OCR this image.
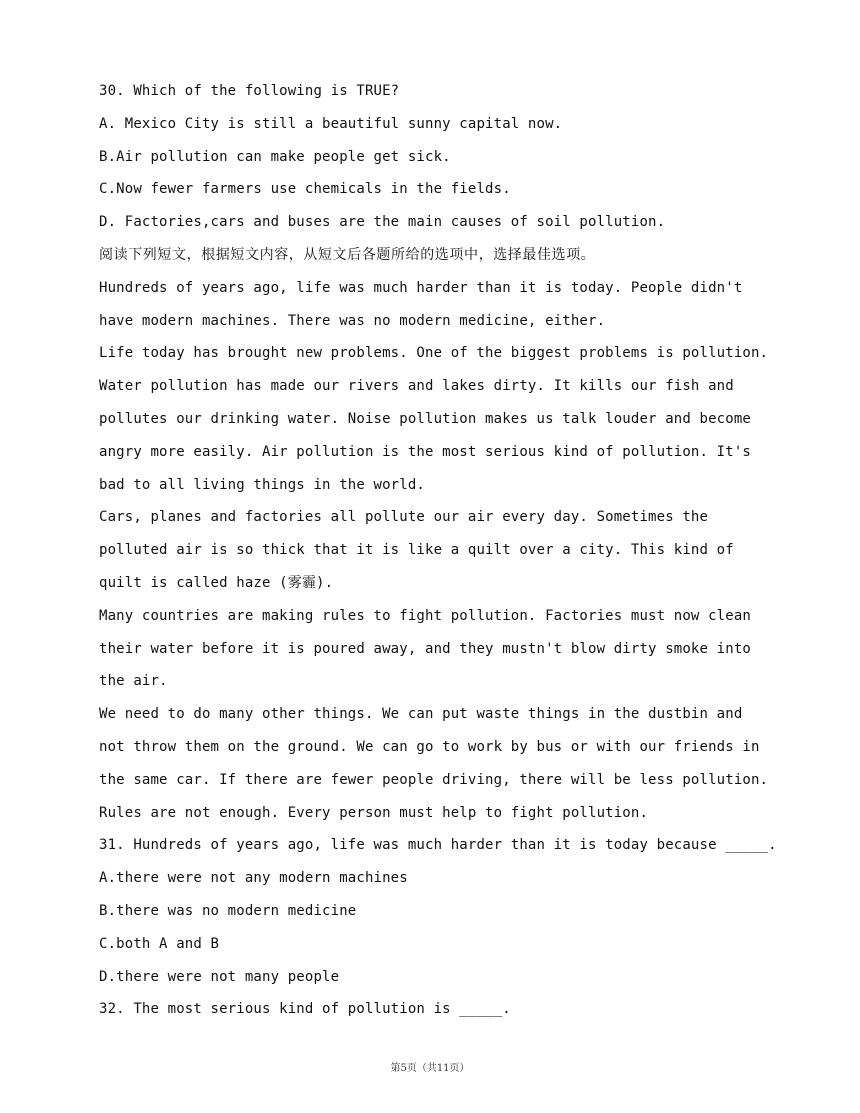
30. Which of the following is TRUE?
A. Mexico City is still a beautiful sunny capital now.
B.Air pollution can make people get sick.
C.Now fewer farmers use chemicals in the fields.
D. Factories,cars and buses are the main causes of soil pollution.
阅读下列短文，根据短文内容，从短文后各题所给的选项中，选择最佳选项。
Hundreds of years ago, life was much harder than it is today. People didn't
have modern machines. There was no modern medicine, either.
Life today has brought new problems. One of the biggest problems is pollution.
Water pollution has made our rivers and lakes dirty. It kills our fish and
pollutes our drinking water. Noise pollution makes us talk louder and become
angry more easily. Air pollution is the most serious kind of pollution. It's
bad to all living things in the world.
Cars, planes and factories all pollute our air every day. Sometimes the
polluted air is so thick that it is like a quilt over a city. This kind of
quilt is called haze (雾霾).
Many countries are making rules to fight pollution. Factories must now clean
their water before it is poured away, and they mustn't blow dirty smoke into
the air.
We need to do many other things. We can put waste things in the dustbin and
not throw them on the ground. We can go to work by bus or with our friends in
the same car. If there are fewer people driving, there will be less pollution.
Rules are not enough. Every person must help to fight pollution.
31. Hundreds of years ago, life was much harder than it is today because _____.
A.there were not any modern machines
B.there was no modern medicine
C.both A and B
D.there were not many people
32. The most serious kind of pollution is _____.
第5页（共11页）
